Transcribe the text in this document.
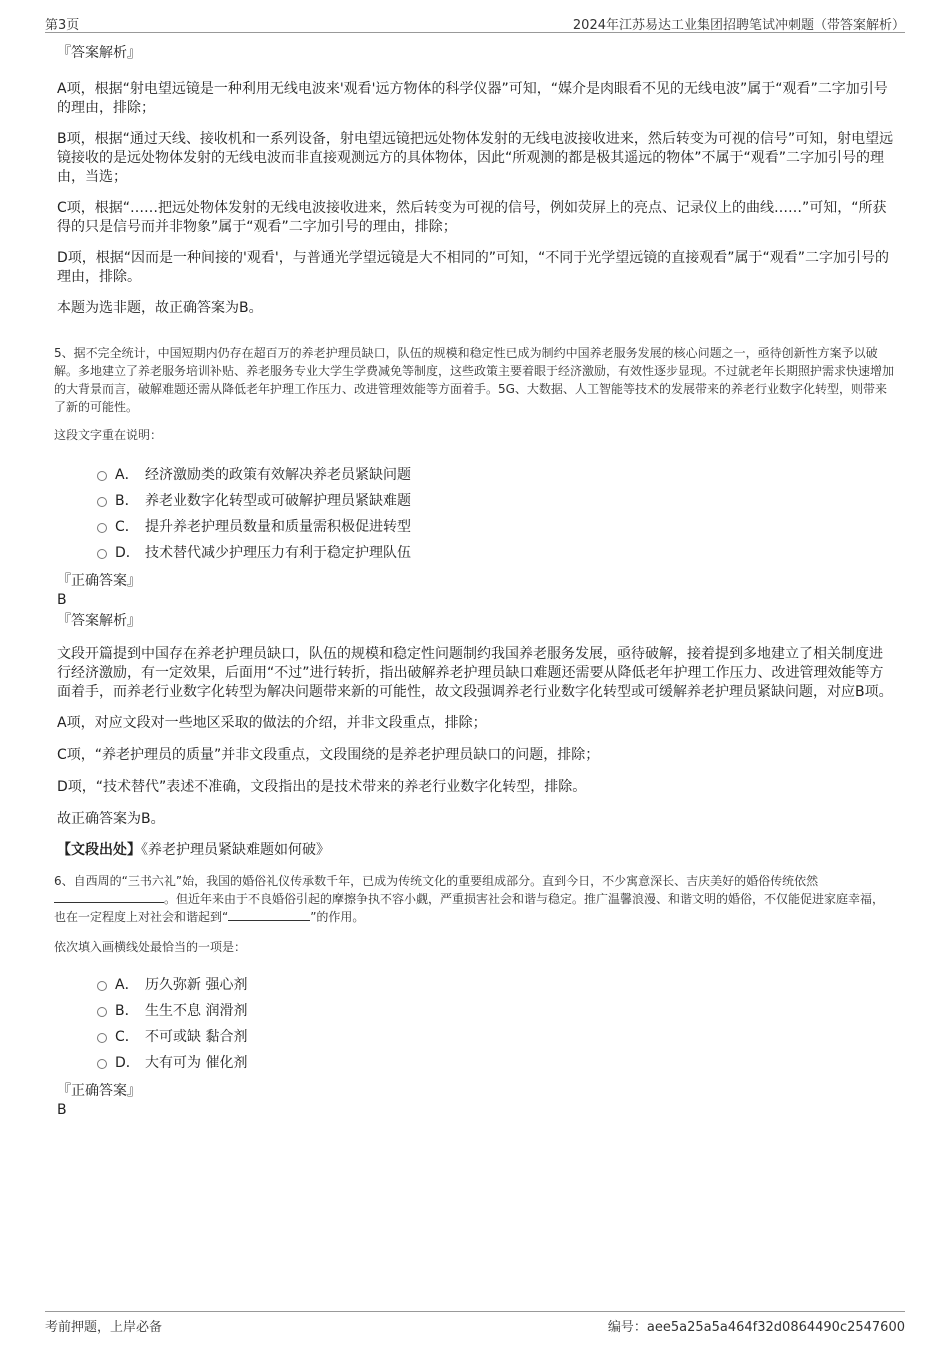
第3页	2024年江苏易达工业集团招聘笔试冲刺题（带答案解析）

『答案解析』

A项，根据“射电望远镜是一种利用无线电波来'观看'远方物体的科学仪器”可知，“媒介是肉眼看不见的无线电波”属于“观看”二字加引号的理由，排除；

B项，根据“通过天线、接收机和一系列设备，射电望远镜把远处物体发射的无线电波接收进来，然后转变为可视的信号”可知，射电望远镜接收的是远处物体发射的无线电波而非直接观测远方的具体物体，因此“所观测的都是极其遥远的物体”不属于“观看”二字加引号的理由，当选；

C项，根据“……把远处物体发射的无线电波接收进来，然后转变为可视的信号，例如荧屏上的亮点、记录仪上的曲线……”可知，“所获得的只是信号而并非物象”属于“观看”二字加引号的理由，排除；

D项，根据“因而是一种间接的'观看'，与普通光学望远镜是大不相同的”可知，“不同于光学望远镜的直接观看”属于“观看”二字加引号的理由，排除。

本题为选非题，故正确答案为B。

5、据不完全统计，中国短期内仍存在超百万的养老护理员缺口，队伍的规模和稳定性已成为制约中国养老服务发展的核心问题之一，亟待创新性方案予以破解。多地建立了养老服务培训补贴、养老服务专业大学生学费减免等制度，这些政策主要着眼于经济激励，有效性逐步显现。不过就老年长期照护需求快速增加的大背景而言，破解难题还需从降低老年护理工作压力、改进管理效能等方面着手。5G、大数据、人工智能等技术的发展带来的养老行业数字化转型，则带来了新的可能性。

这段文字重在说明：

A． 经济激励类的政策有效解决养老员紧缺问题
B． 养老业数字化转型或可破解护理员紧缺难题
C． 提升养老护理员数量和质量需积极促进转型
D． 技术替代减少护理压力有利于稳定护理队伍

『正确答案』

B

『答案解析』

文段开篇提到中国存在养老护理员缺口，队伍的规模和稳定性问题制约我国养老服务发展，亟待破解，接着提到多地建立了相关制度进行经济激励，有一定效果，后面用“不过”进行转折，指出破解养老护理员缺口难题还需要从降低老年护理工作压力、改进管理效能等方面着手，而养老行业数字化转型为解决问题带来新的可能性，故文段强调养老行业数字化转型或可缓解养老护理员紧缺问题，对应B项。

A项，对应文段对一些地区采取的做法的介绍，并非文段重点，排除；

C项，“养老护理员的质量”并非文段重点，文段围绕的是养老护理员缺口的问题，排除；

D项，“技术替代”表述不准确，文段指出的是技术带来的养老行业数字化转型，排除。

故正确答案为B。

【文段出处】《养老护理员紧缺难题如何破》

6、自西周的“三书六礼”始，我国的婚俗礼仪传承数千年，已成为传统文化的重要组成部分。直到今日，不少寓意深长、吉庆美好的婚俗传统依然。但近年来由于不良婚俗引起的摩擦争执不容小觑，严重损害社会和谐与稳定。推广温馨浪漫、和谐文明的婚俗，不仅能促进家庭幸福，也在一定程度上对社会和谐起到“	”的作用。

依次填入画横线处最恰当的一项是：

A． 历久弥新 强心剂
B． 生生不息 润滑剂
C． 不可或缺 黏合剂
D． 大有可为 催化剂

『正确答案』

B

考前押题，上岸必备	编号：aee5a25a5a464f32d0864490c2547600
